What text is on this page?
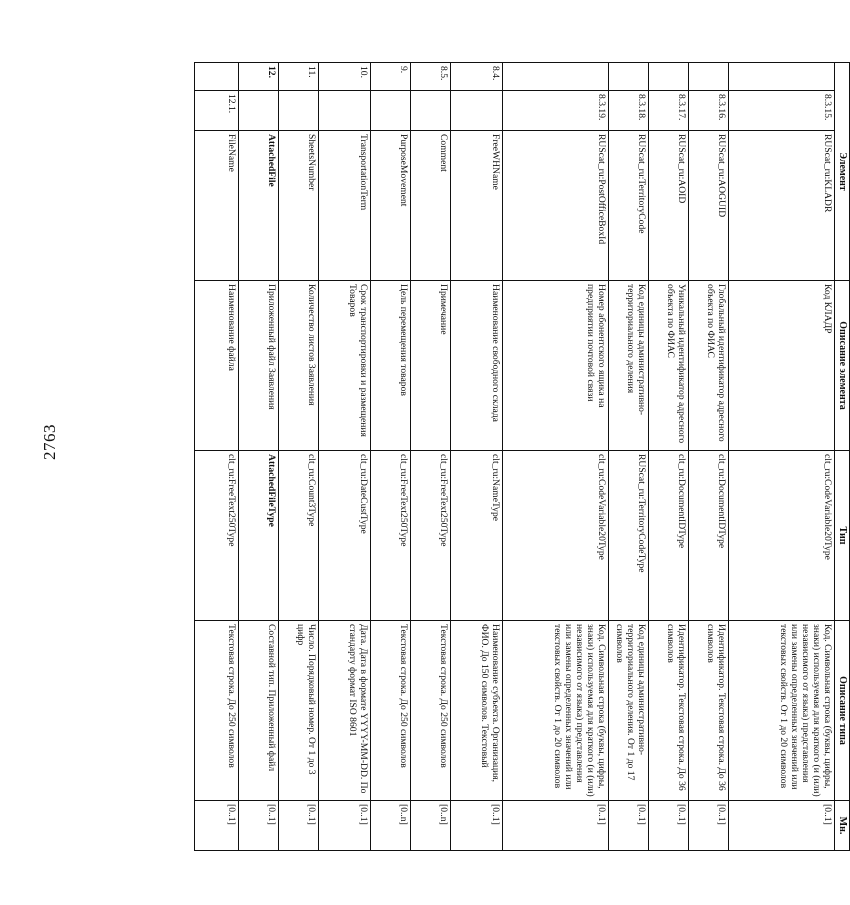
2763
Элемент			Описание элемента	Тип	Описание типа	Мн.
	8.3.15.	RUScat_ru:KLADR	Код КЛАДР	clt_ru:CodeVariable20Type	Код. Символьная строка (буквы, цифры, знаки) используемая для краткого (и (или) независимого от языка) представления или замены определенных значений или текстовых свойств. От 1 до 20 символов	[0..1]
	8.3.16.	RUScat_ru:AOGUID	Глобальный идентификатор адресного объекта по ФИАС	clt_ru:DocumentIDType	Идентификатор. Текстовая строка. До 36 символов	[0..1]
	8.3.17.	RUScat_ru:AOID	Уникальный идентификатор адресного объекта по ФИАС	clt_ru:DocumentIDType	Идентификатор. Текстовая строка. До 36 символов	[0..1]
	8.3.18.	RUScat_ru:TerritoryCode	Код единицы административно-территориального деления	RUScat_ru:TerritoryCodeType	Код единицы административно-территориального деления. От 1 до 17 символов	[0..1]
	8.3.19.	RUScat_ru:PostOfficeBoxId	Номер абонентского ящика на предприятии почтовой связи	clt_ru:CodeVariable20Type	Код. Символьная строка (буквы, цифры, знаки) используемая для краткого (и (или) независимого от языка) представления или замены определенных значений или текстовых свойств. От 1 до 20 символов	[0..1]
8.4.		FreeWHName	Наименование свободного склада	clt_ru:NameType	Наименование субъекта. Организация, ФИО. До 150 символов. Текстовый	[0..1]
8.5.		Comment	Примечание	clt_ru:FreeText250Type	Текстовая строка. До 250 символов	[0..n]
9.		PurposeMovement	Цель перемещения товаров	clt_ru:FreeText250Type	Текстовая строка. До 250 символов	[0..n]
10.		TransportationTerm	Срок транспортировки и размещения Товаров	clt_ru:DateCustType	Дата. Дата в формате YYYY-MM-DD. По стандарту формат ISO 8601	[0..1]
11.		SheetsNumber	Количество листов Заявления	clt_ru:Count3Type	Число. Порядковый номер. От 1 до 3 цифр	[0..1]
12.		AttachedFile	Приложенный файл Заявления	AttachedFileType	Составной тип. Приложенный файл	[0..1]
	12.1.	FileName	Наименование файла	clt_ru:FreeText250Type	Текстовая строка. До 250 символов	[0..1]
